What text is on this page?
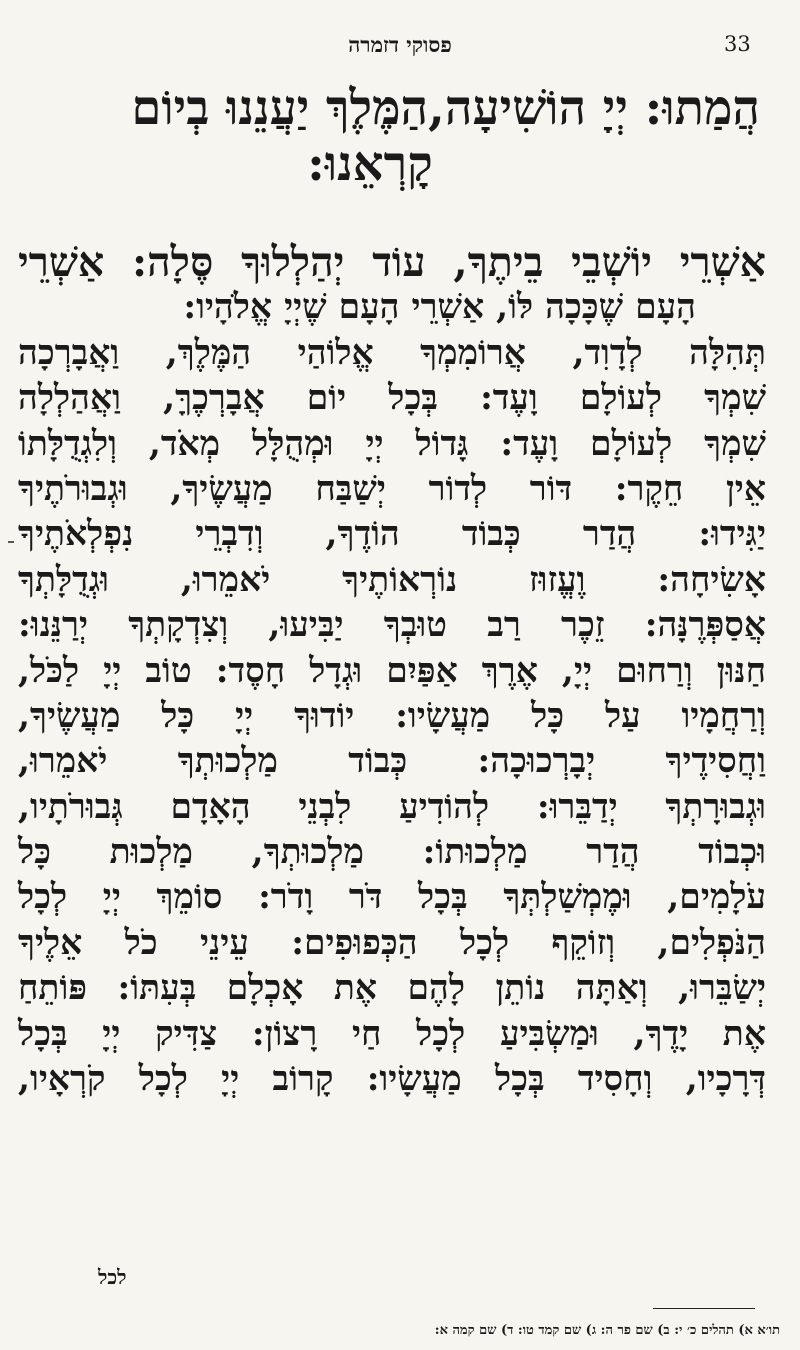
33
פסוקי דזמרה
הֲמַתוּ: יְיָ הוֹשִׁיעָה,הַמֶּלֶךְ יַעֲנֵנוּ בְיוֹם
קָרְאֵנוּ:
אַשְׁרֵי יוֹשְׁבֵי בֵיתֶךָ, עוֹד יְהַלְלוּךָ סֶּלָה: אַשְׁרֵי
הָעָם שֶׁכָּכָה לּוֹ, אַשְׁרֵי הָעָם שֶׁיְיָ אֱלֹהָיו:
תְּהִלָּה לְדָוִד, אֲרוֹמִמְךָ אֱלוֹהַי הַמֶּלֶךְ, וַאֲבָרְכָה
שִׁמְךָ לְעוֹלָם וָעֶד: בְּכָל יוֹם אֲבָרְכֶךָּ, וַאֲהַלְלָה
שִׁמְךָ לְעוֹלָם וָעֶד: גָּדוֹל יְיָ וּמְהֻלָּל מְאֹד, וְלִגְדֻלָּתוֹ
אֵין חֵקֶר: דּוֹר לְדוֹר יְשַׁבַּח מַעֲשֶׂיךָ, וּגְבוּרֹתֶיךָ
יַגִּידוּ: הֲדַר כְּבוֹד הוֹדֶךָ, וְדִבְרֵי נִפְלְאֹתֶיךָ
אָשִׂיחָה: וֶעֱזוּז נוֹרְאוֹתֶיךָ יֹאמֵרוּ, וּגְדֻלָּתְךָ
אֲסַפְּרֶנָּה: זֵכֶר רַב טוּבְךָ יַבִּיעוּ, וְצִדְקָתְךָ יְרַנֵּנוּ:
חַנּוּן וְרַחוּם יְיָ, אֶרֶךְ אַפַּיִם וּגְדָל חָסֶד: טוֹב יְיָ לַכֹּל,
וְרַחֲמָיו עַל כָּל מַעֲשָׂיו: יוֹדוּךָ יְיָ כָּל מַעֲשֶׂיךָ,
וַחֲסִידֶיךָ יְבָרְכוּכָה: כְּבוֹד מַלְכוּתְךָ יֹאמֵרוּ,
וּגְבוּרָתְךָ יְדַבֵּרוּ: לְהוֹדִיעַ לִבְנֵי הָאָדָם גְּבוּרֹתָיו,
וּכְבוֹד הֲדַר מַלְכוּתוֹ: מַלְכוּתְךָ, מַלְכוּת כָּל
עֹלָמִים, וּמֶמְשַׁלְתְּךָ בְּכָל דֹּר וָדֹר: סוֹמֵךְ יְיָ לְכָל
הַנֹּפְלִים, וְזוֹקֵף לְכָל הַכְּפוּפִים: עֵינֵי כֹל אֵלֶיךָ
יְשַׂבֵּרוּ, וְאַתָּה נוֹתֵן לָהֶם אֶת אָכְלָם בְּעִתּוֹ: פּוֹתֵחַ
אֶת יָדֶךָ, וּמַשְׂבִּיעַ לְכָל חַי רָצוֹן: צַדִּיק יְיָ בְּכָל
דְּרָכָיו, וְחָסִיד בְּכָל מַעֲשָׂיו: קָרוֹב יְיָ לְכָל קֹרְאָיו,
לכל
תו׳א א) תהלים כ׳ י: ב) שם פר ה: ג) שם קמד טו: ד) שם קמה א:
